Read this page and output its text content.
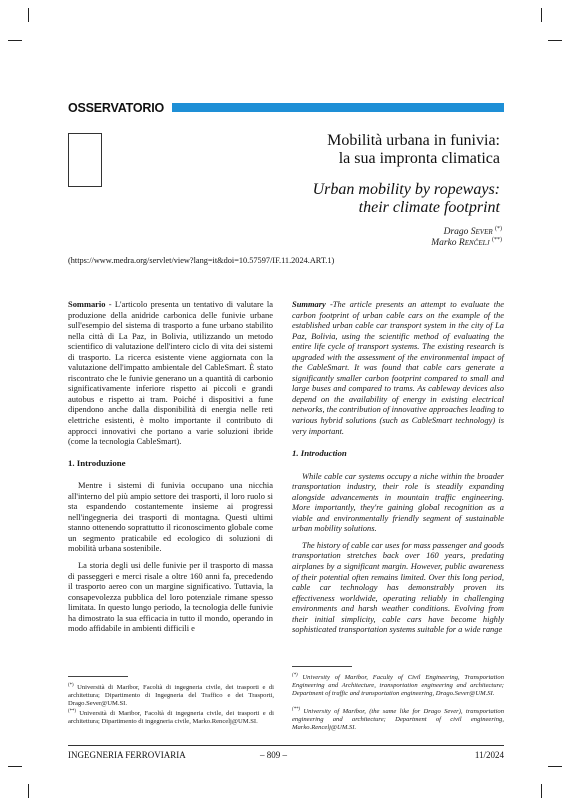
OSSERVATORIO
Mobilità urbana in funivia:
la sua impronta climatica
Urban mobility by ropeways:
their climate footprint
Drago Sever (*)
Marko Renčelj (**)
(https://www.medra.org/servlet/view?lang=it&doi=10.57597/IF.11.2024.ART.1)

Sommario - L'articolo presenta un tentativo di valutare la produzione della anidride carbonica delle funivie urbane sull'esempio del sistema di trasporto a fune urbano stabilito nella città di La Paz, in Bolivia, utilizzando un metodo scientifico di valutazione dell'intero ciclo di vita dei sistemi di trasporto. La ricerca esistente viene aggiornata con la valutazione dell'impatto ambientale del CableSmart. È stato riscontrato che le funivie generano un a quantità di carbonio significativamente inferiore rispetto ai piccoli e grandi autobus e rispetto ai tram. Poiché i dispositivi a fune dipendono anche dalla disponibilità di energia nelle reti elettriche esistenti, è molto importante il contributo di approcci innovativi che portano a varie soluzioni ibride (come la tecnologia CableSmart).

1. Introduzione

Mentre i sistemi di funivia occupano una nicchia all'interno del più ampio settore dei trasporti, il loro ruolo si sta espandendo costantemente insieme ai progressi nell'ingegneria dei trasporti di montagna. Questi ultimi stanno ottenendo soprattutto il riconoscimento globale come un segmento praticabile ed ecologico di soluzioni di mobilità urbana sostenibile.

La storia degli usi delle funivie per il trasporto di massa di passeggeri e merci risale a oltre 160 anni fa, precedendo il trasporto aereo con un margine significativo. Tuttavia, la consapevolezza pubblica del loro potenziale rimane spesso limitata. In questo lungo periodo, la tecnologia delle funivie ha dimostrato la sua efficacia in tutto il mondo, operando in modo affidabile in ambienti difficili e

Summary -The article presents an attempt to evaluate the carbon footprint of urban cable cars on the example of the established urban cable car transport system in the city of La Paz, Bolivia, using the scientific method of evaluating the entire life cycle of transport systems. The existing research is upgraded with the assessment of the environmental impact of the CableSmart. It was found that cable cars generate a significantly smaller carbon footprint compared to small and large buses and compared to trams. As cableway devices also depend on the availability of energy in existing electrical networks, the contribution of innovative approaches leading to various hybrid solutions (such as CableSmart technology) is very important.

1. Introduction

While cable car systems occupy a niche within the broader transportation industry, their role is steadily expanding alongside advancements in mountain traffic engineering. More importantly, they're gaining global recognition as a viable and environmentally friendly segment of sustainable urban mobility solutions.

The history of cable car uses for mass passenger and goods transportation stretches back over 160 years, predating airplanes by a significant margin. However, public awareness of their potential often remains limited. Over this long period, cable car technology has demonstrably proven its effectiveness worldwide, operating reliably in challenging environments and harsh weather conditions. Evolving from their initial simplicity, cable cars have become highly sophisticated transportation systems suitable for a wide range

(*) Università di Maribor, Facoltà di ingegneria civile, dei trasporti e di architettura; Dipartimento di Ingegneria del Traffico e dei Trasporti, Drago.Sever@UM.SI.
(**) Università di Maribor, Facoltà di ingegneria civile, dei trasporti e di architettura; Dipartimento di ingegneria civile, Marko.Rencelj@UM.SI.
(*) University of Maribor, Faculty of Civil Engineering, Transportation Engineering and Architecture, transportation engineering and architecture; Department of traffic and transportation engineering, Drago.Sever@UM.SI.
(**) University of Maribor, (the same like for Drago Sever), transportation engineering and architecture; Department of civil engineering, Marko.Rencelj@UM.SI.
INGEGNERIA FERROVIARIA	– 809 –	11/2024
